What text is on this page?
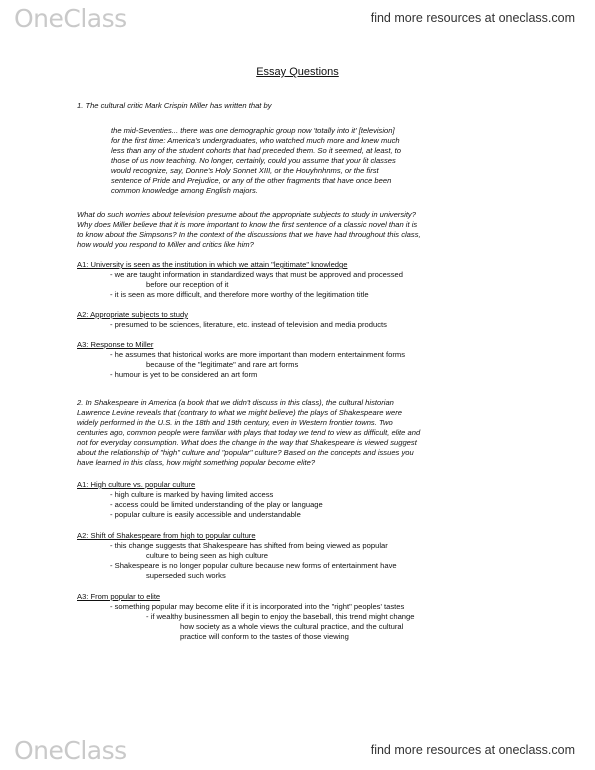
OneClass	find more resources at oneclass.com
Essay Questions
1. The cultural critic Mark Crispin Miller has written that by
the mid-Seventies... there was one demographic group now 'totally into it' [television]
for the first time: America's undergraduates, who watched much more and knew much
less than any of the student cohorts that had preceded them. So it seemed, at least, to
those of us now teaching. No longer, certainly, could you assume that your lit classes
would recognize, say, Donne's Holy Sonnet XIII, or the Houyhnhnms, or the first
sentence of Pride and Prejudice, or any of the other fragments that have once been
common knowledge among English majors.
What do such worries about television presume about the appropriate subjects to study in university?
Why does Miller believe that it is more important to know the first sentence of a classic novel than it is
to know about the Simpsons? In the context of the discussions that we have had throughout this class,
how would you respond to Miller and critics like him?
A1: University is seen as the institution in which we attain "legitimate" knowledge
- we are taught information in standardized ways that must be approved and processed
before our reception of it
- it is seen as more difficult, and therefore more worthy of the legitimation title
A2: Appropriate subjects to study
- presumed to be sciences, literature, etc. instead of television and media products
A3: Response to Miller
- he assumes that historical works are more important than modern entertainment forms
because of the "legitimate" and rare art forms
- humour is yet to be considered an art form
2. In Shakespeare in America (a book that we didn't discuss in this class), the cultural historian
Lawrence Levine reveals that (contrary to what we might believe) the plays of Shakespeare were
widely performed in the U.S. in the 18th and 19th century, even in Western frontier towns. Two
centuries ago, common people were familiar with plays that today we tend to view as difficult, elite and
not for everyday consumption. What does the change in the way that Shakespeare is viewed suggest
about the relationship of "high" culture and "popular" culture? Based on the concepts and issues you
have learned in this class, how might something popular become elite?
A1: High culture vs. popular culture
- high culture is marked by having limited access
- access could be limited understanding of the play or language
- popular culture is easily accessible and understandable
A2: Shift of Shakespeare from high to popular culture
- this change suggests that Shakespeare has shifted from being viewed as popular
culture to being seen as high culture
- Shakespeare is no longer popular culture because new forms of entertainment have
superseded such works
A3: From popular to elite
- something popular may become elite if it is incorporated into the "right" peoples' tastes
- if wealthy businessmen all begin to enjoy the baseball, this trend might change
how society as a whole views the cultural practice, and the cultural
practice will conform to the tastes of those viewing
OneClass	find more resources at oneclass.com
